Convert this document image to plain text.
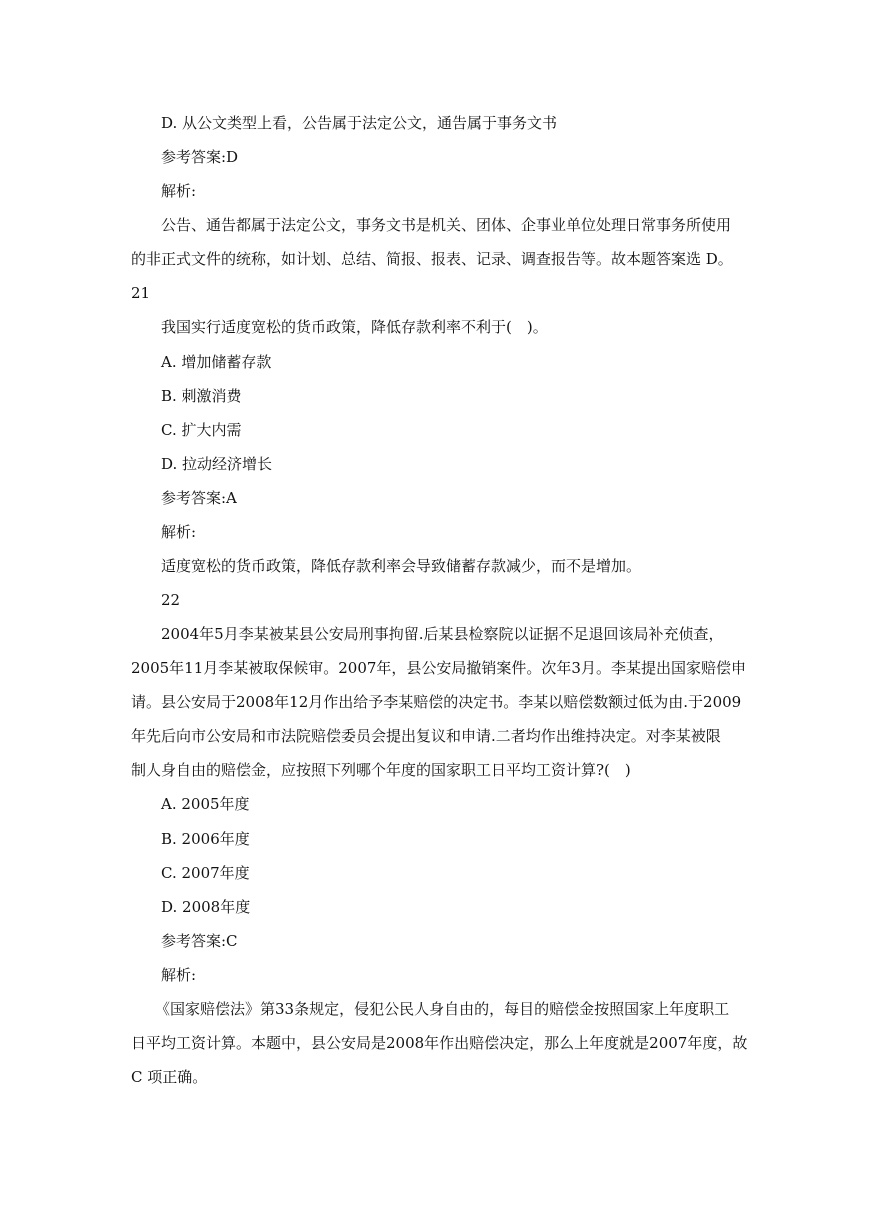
D. 从公文类型上看，公告属于法定公文，通告属于事务文书
参考答案:D
解析:
公告、通告都属于法定公文，事务文书是机关、团体、企事业单位处理日常事务所使用
的非正式文件的统称，如计划、总结、简报、报表、记录、调查报告等。故本题答案选 D。
21
我国实行适度宽松的货币政策，降低存款利率不利于(　)。
A. 增加储蓄存款
B. 刺激消费
C. 扩大内需
D. 拉动经济增长
参考答案:A
解析:
适度宽松的货币政策，降低存款利率会导致储蓄存款减少，而不是增加。
22
2004年5月李某被某县公安局刑事拘留.后某县检察院以证据不足退回该局补充侦查，
2005年11月李某被取保候审。2007年，县公安局撤销案件。次年3月。李某提出国家赔偿申
请。县公安局于2008年12月作出给予李某赔偿的决定书。李某以赔偿数额过低为由.于2009
年先后向市公安局和市法院赔偿委员会提出复议和申请.二者均作出维持决定。对李某被限
制人身自由的赔偿金，应按照下列哪个年度的国家职工日平均工资计算?(　)
A. 2005年度
B. 2006年度
C. 2007年度
D. 2008年度
参考答案:C
解析:
《国家赔偿法》第33条规定，侵犯公民人身自由的，每目的赔偿金按照国家上年度职工
日平均工资计算。本题中，县公安局是2008年作出赔偿决定，那么上年度就是2007年度，故
C 项正确。
